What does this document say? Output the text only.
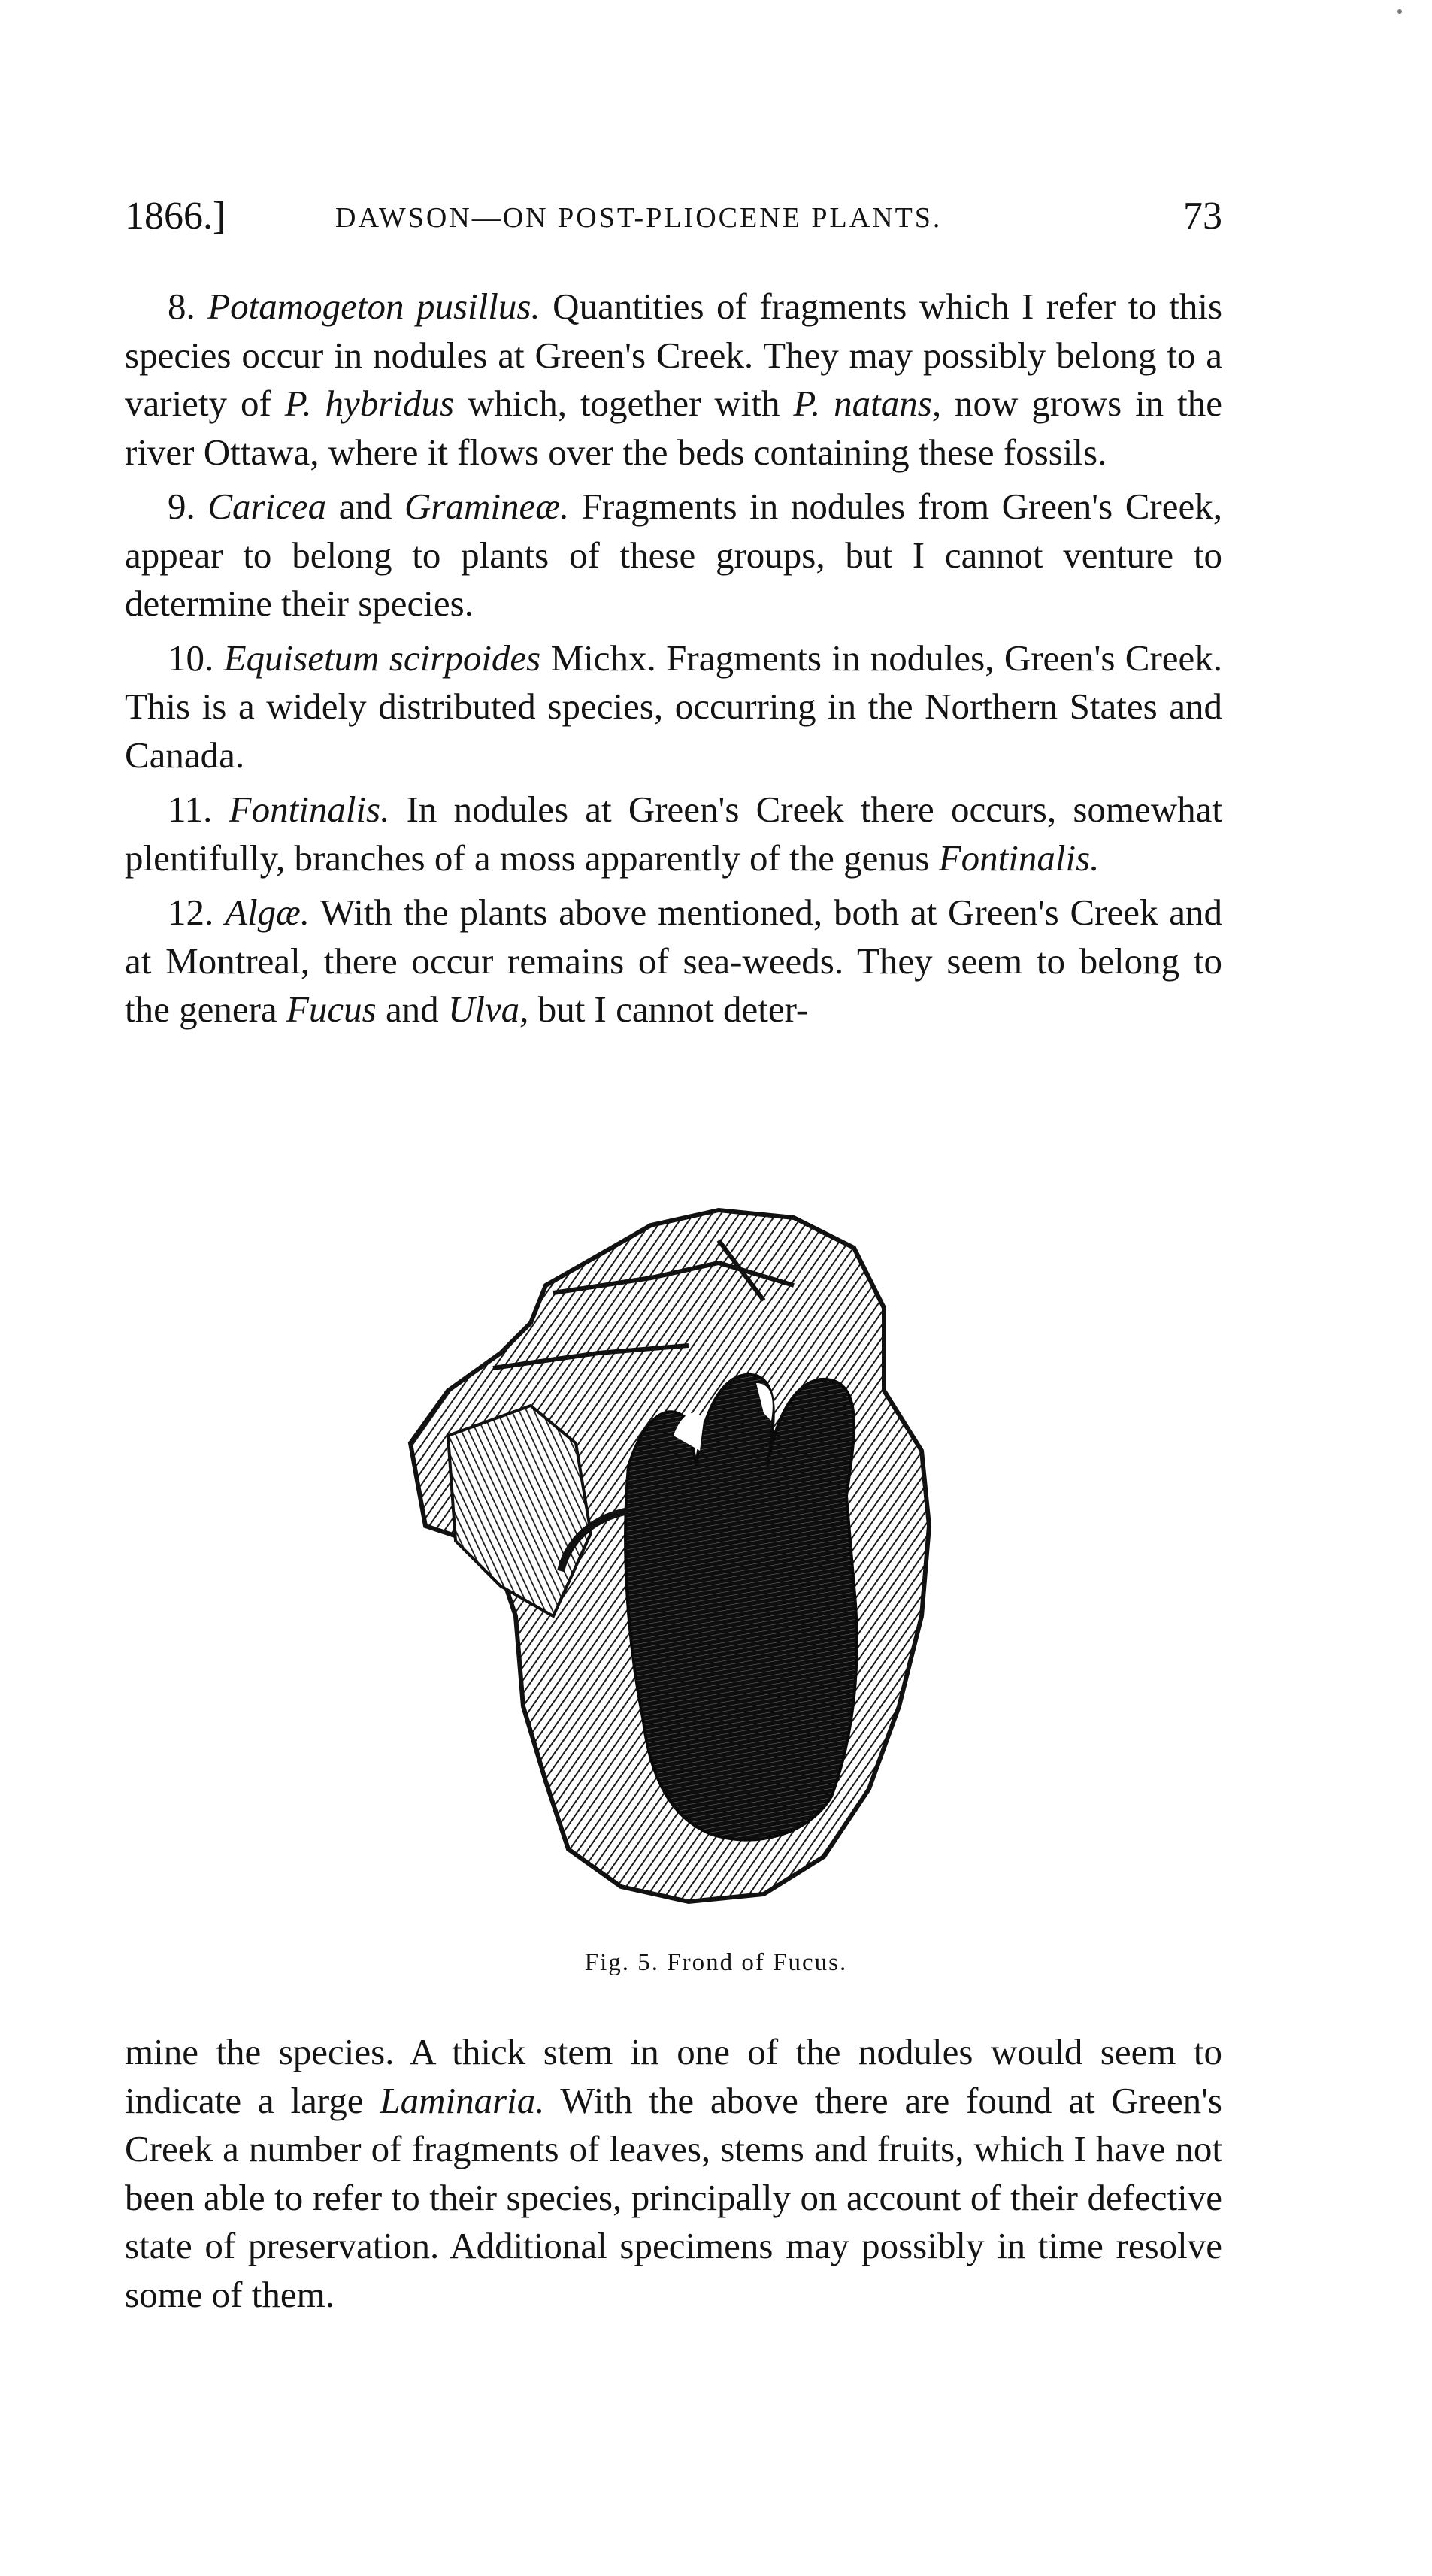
1866.]	DAWSON—ON POST-PLIOCENE PLANTS.	73

8. Potamogeton pusillus. Quantities of fragments which I refer to this species occur in nodules at Green's Creek. They may possibly belong to a variety of P. hybridus which, together with P. natans, now grows in the river Ottawa, where it flows over the beds containing these fossils.

9. Caricea and Gramineæ. Fragments in nodules from Green's Creek, appear to belong to plants of these groups, but I cannot venture to determine their species.

10. Equisetum scirpoides Michx. Fragments in nodules, Green's Creek. This is a widely distributed species, occurring in the Northern States and Canada.

11. Fontinalis. In nodules at Green's Creek there occurs, somewhat plentifully, branches of a moss apparently of the genus Fontinalis.

12. Algæ. With the plants above mentioned, both at Green's Creek and at Montreal, there occur remains of sea-weeds. They seem to belong to the genera Fucus and Ulva, but I cannot deter-

Fig. 5. Frond of Fucus.

mine the species. A thick stem in one of the nodules would seem to indicate a large Laminaria. With the above there are found at Green's Creek a number of fragments of leaves, stems and fruits, which I have not been able to refer to their species, principally on account of their defective state of preservation. Additional specimens may possibly in time resolve some of them.
